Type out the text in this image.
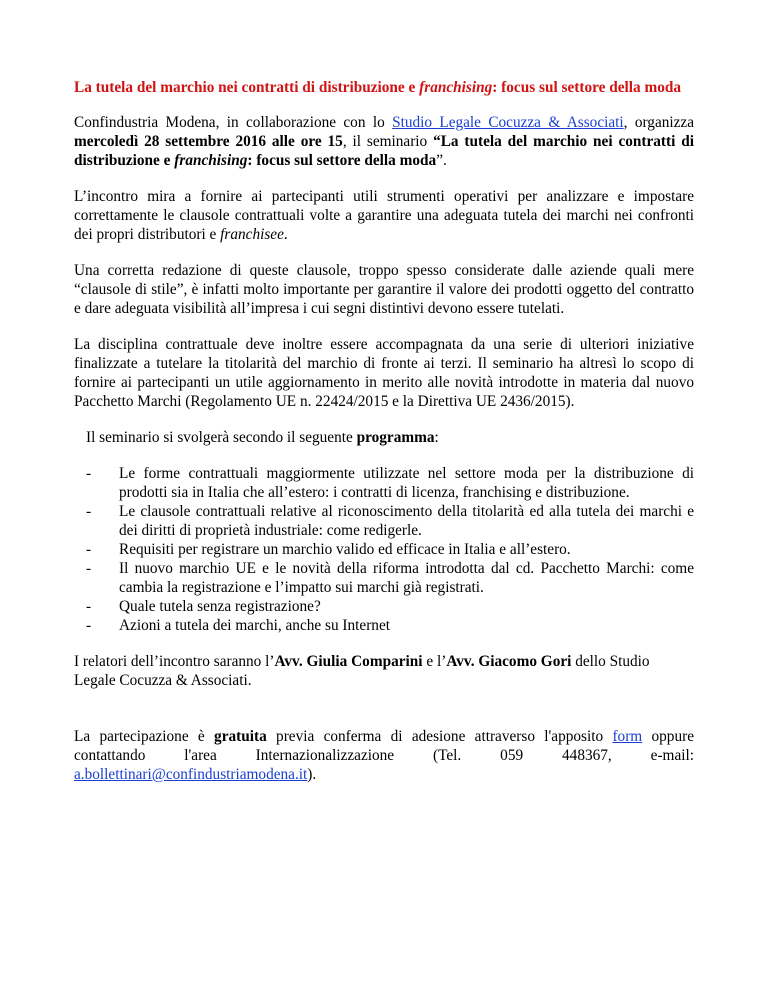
La tutela del marchio nei contratti di distribuzione e franchising: focus sul settore della moda

Confindustria Modena, in collaborazione con lo Studio Legale Cocuzza & Associati, organizza mercoledì 28 settembre 2016 alle ore 15, il seminario “La tutela del marchio nei contratti di distribuzione e franchising: focus sul settore della moda”.

L’incontro mira a fornire ai partecipanti utili strumenti operativi per analizzare e impostare correttamente le clausole contrattuali volte a garantire una adeguata tutela dei marchi nei confronti dei propri distributori e franchisee.

Una corretta redazione di queste clausole, troppo spesso considerate dalle aziende quali mere “clausole di stile”, è infatti molto importante per garantire il valore dei prodotti oggetto del contratto e dare adeguata visibilità all’impresa i cui segni distintivi devono essere tutelati.

La disciplina contrattuale deve inoltre essere accompagnata da una serie di ulteriori iniziative finalizzate a tutelare la titolarità del marchio di fronte ai terzi. Il seminario ha altresì lo scopo di fornire ai partecipanti un utile aggiornamento in merito alle novità introdotte in materia dal nuovo Pacchetto Marchi (Regolamento UE n. 22424/2015 e la Direttiva UE 2436/2015).

Il seminario si svolgerà secondo il seguente programma:

- Le forme contrattuali maggiormente utilizzate nel settore moda per la distribuzione di prodotti sia in Italia che all’estero: i contratti di licenza, franchising e distribuzione.
- Le clausole contrattuali relative al riconoscimento della titolarità ed alla tutela dei marchi e dei diritti di proprietà industriale: come redigerle.
- Requisiti per registrare un marchio valido ed efficace in Italia e all’estero.
- Il nuovo marchio UE e le novità della riforma introdotta dal cd. Pacchetto Marchi: come cambia la registrazione e l’impatto sui marchi già registrati.
- Quale tutela senza registrazione?
- Azioni a tutela dei marchi, anche su Internet

I relatori dell’incontro saranno l’Avv. Giulia Comparini e l’Avv. Giacomo Gori dello Studio Legale Cocuzza & Associati.

La partecipazione è gratuita previa conferma di adesione attraverso l'apposito form oppure contattando l'area Internazionalizzazione (Tel. 059 448367, e-mail: a.bollettinari@confindustriamodena.it).
